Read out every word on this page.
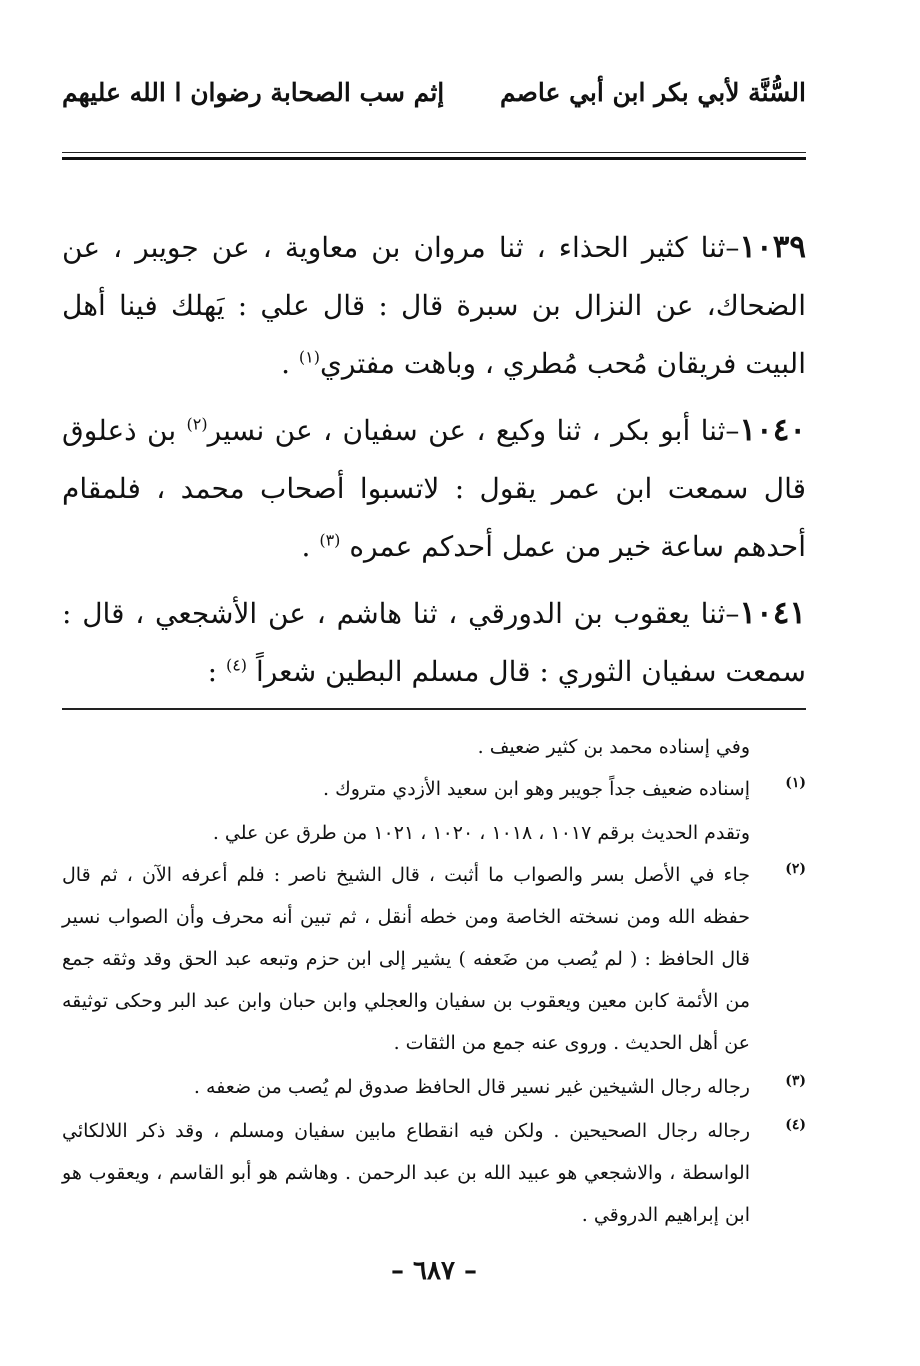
السُّنَّة لأبي بكر ابن أبي عاصم
إثم سب الصحابة رضوان ا الله عليهم

١٠٣٩–ثنا كثير الحذاء ، ثنا مروان بن معاوية ، عن جويبر ، عن الضحاك، عن النزال بن سبرة قال : قال علي : يَهلك فينا أهل البيت فريقان مُحب مُطري ، وباهت مفتري$^{(١)}$ .

١٠٤٠–ثنا أبو بكر ، ثنا وكيع ، عن سفيان ، عن نسير$^{(٢)}$ بن ذعلوق قال سمعت ابن عمر يقول : لاتسبوا أصحاب محمد ، فلمقام أحدهم ساعة خير من عمل أحدكم عمره $^{(٣)}$ .

١٠٤١–ثنا يعقوب بن الدورقي ، ثنا هاشم ، عن الأشجعي ، قال : سمعت سفيان الثوري : قال مسلم البطين شعراً $^{(٤)}$ :

وفي إسناده محمد بن كثير ضعيف .
(١)
إسناده ضعيف جداً جويبر وهو ابن سعيد الأزدي متروك .
وتقدم الحديث برقم ١٠١٧ ، ١٠١٨ ، ١٠٢٠ ، ١٠٢١ من طرق عن علي .
(٢)
جاء في الأصل بسر والصواب ما أثبت ، قال الشيخ ناصر : فلم أعرفه الآن ، ثم قال حفظه الله ومن نسخته الخاصة ومن خطه أنقل ، ثم تبين أنه محرف وأن الصواب نسير قال الحافظ : ( لم يُصب من ضَعفه ) يشير إلى ابن حزم وتبعه عبد الحق وقد وثقه جمع من الأئمة كابن معين ويعقوب بن سفيان والعجلي وابن حبان وابن عبد البر وحكى توثيقه عن أهل الحديث . وروى عنه جمع من الثقات .
(٣)
رجاله رجال الشيخين غير نسير قال الحافظ صدوق لم يُصب من ضعفه .
(٤)
رجاله رجال الصحيحين . ولكن فيه انقطاع مابين سفيان ومسلم ، وقد ذكر اللالكائي الواسطة ، والاشجعي هو عبيد الله بن عبد الرحمن . وهاشم هو أبو القاسم ، ويعقوب هو ابن إبراهيم الدروقي .
– ٦٨٧ –
